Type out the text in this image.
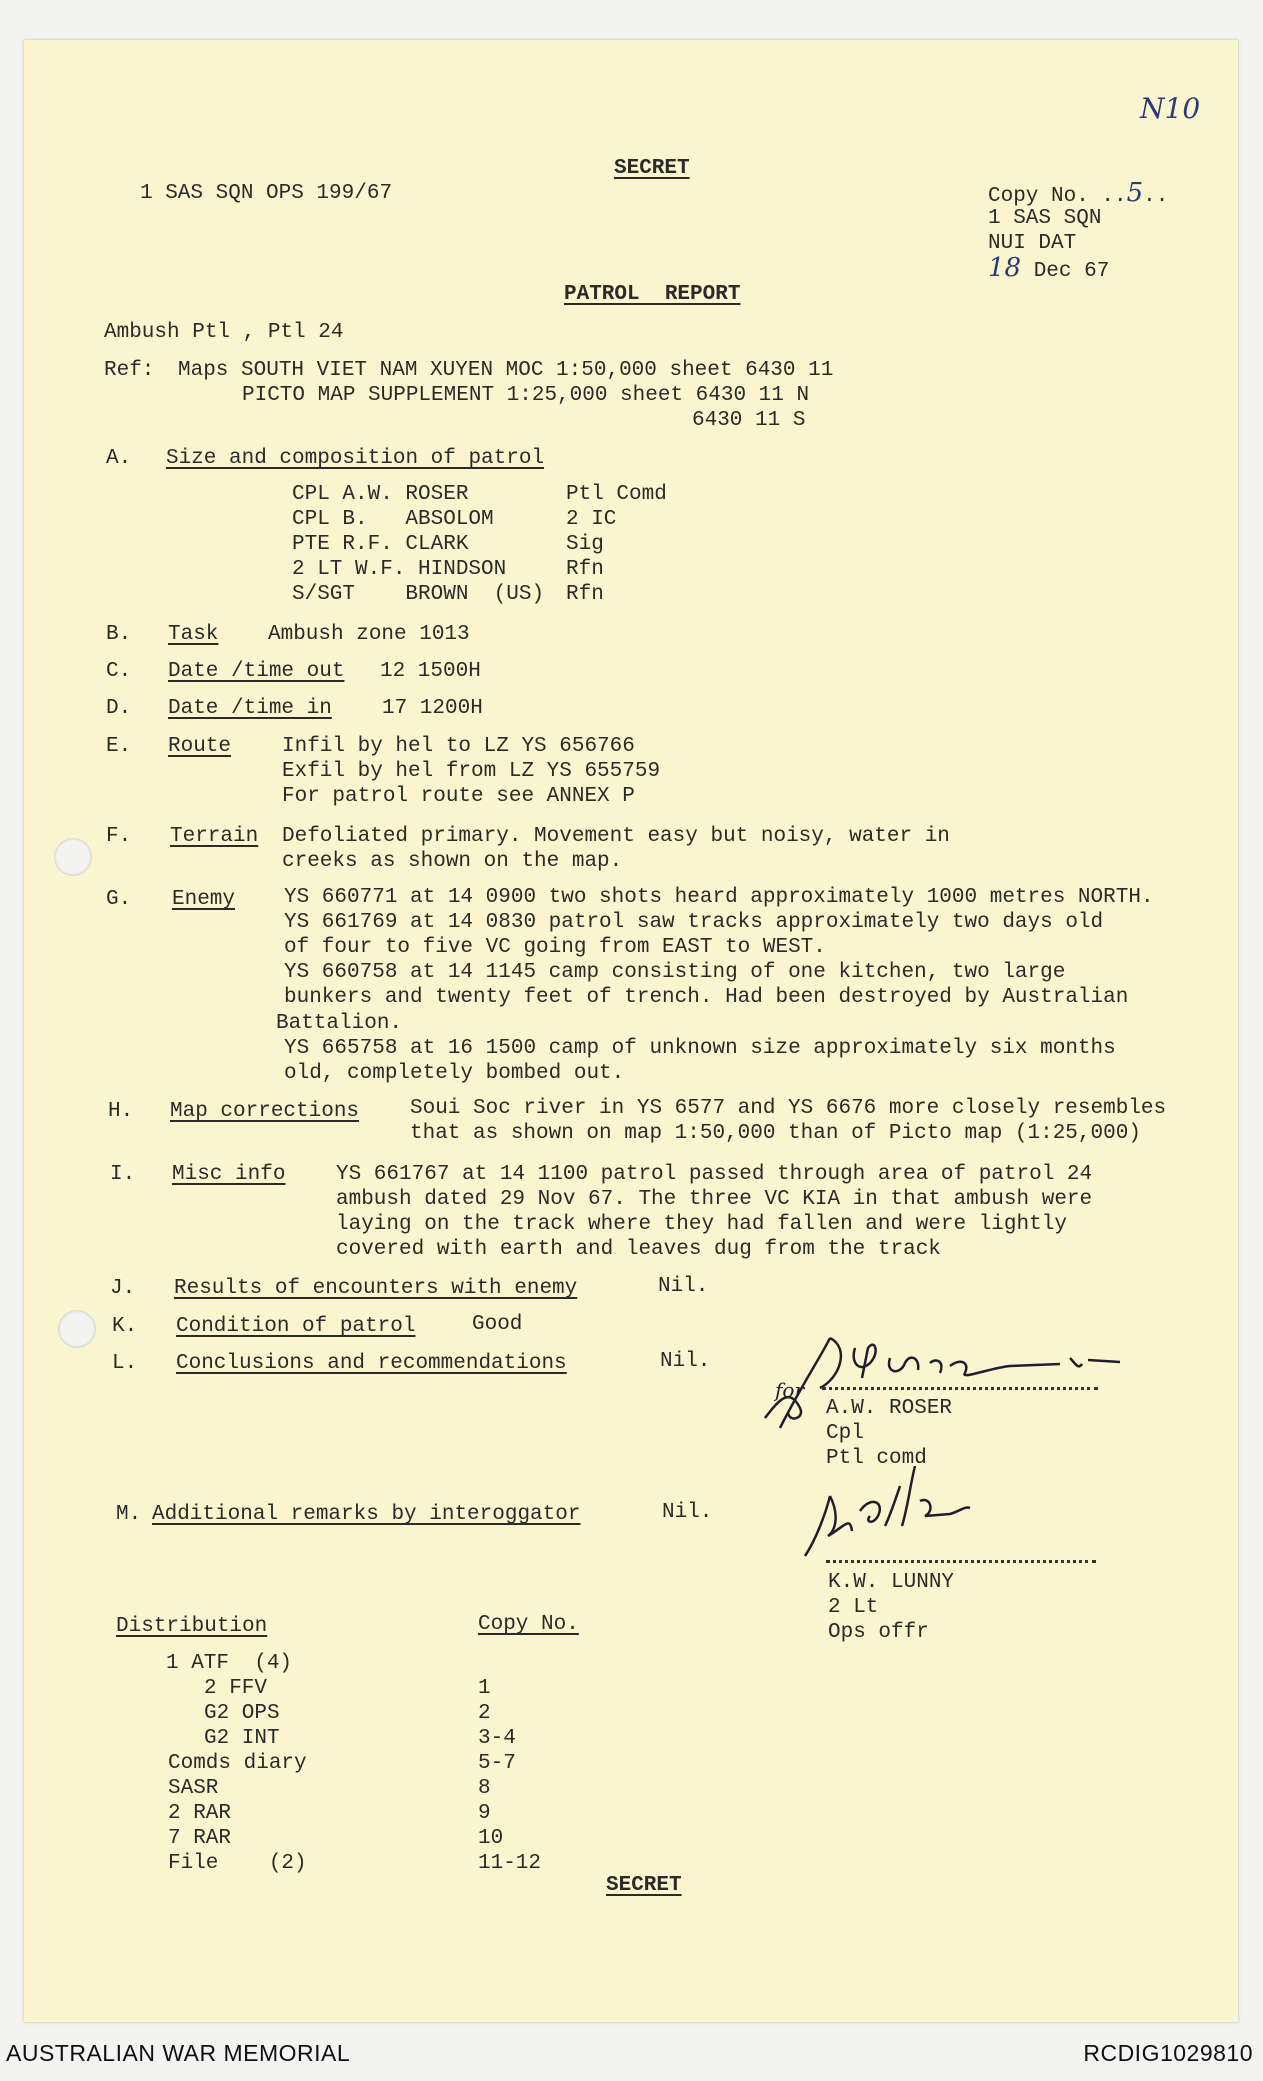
N10
SECRET
1 SAS SQN OPS 199/67	Copy No. ..5..
1 SAS SQN
NUI DAT
18 Dec 67
PATROL  REPORT
Ambush Ptl , Ptl 24
Ref: Maps SOUTH VIET NAM XUYEN MOC 1:50,000 sheet 6430 11
PICTO MAP SUPPLEMENT 1:25,000 sheet 6430 11 N
6430 11 S
A. Size and composition of patrol
CPL A.W. ROSER	Ptl Comd
CPL B.   ABSOLOM	2 IC
PTE R.F. CLARK	Sig
2 LT W.F. HINDSON	Rfn
S/SGT    BROWN  (US) Rfn
B. Task Ambush zone 1013
C. Date /time out 12 1500H
D. Date /time in 17 1200H
E. Route Infil by hel to LZ YS 656766
Exfil by hel from LZ YS 655759
For patrol route see ANNEX P
F. Terrain Defoliated primary. Movement easy but noisy, water in
creeks as shown on the map.
G. Enemy YS 660771 at 14 0900 two shots heard approximately 1000 metres NORTH.
YS 661769 at 14 0830 patrol saw tracks approximately two days old
of four to five VC going from EAST to WEST.
YS 660758 at 14 1145 camp consisting of one kitchen, two large
bunkers and twenty feet of trench. Had been destroyed by Australian
Battalion.
YS 665758 at 16 1500 camp of unknown size approximately six months
old, completely bombed out.
H. Map corrections Soui Soc river in YS 6577 and YS 6676 more closely resembles
that as shown on map 1:50,000 than of Picto map (1:25,000)
I. Misc info YS 661767 at 14 1100 patrol passed through area of patrol 24
ambush dated 29 Nov 67. The three VC KIA in that ambush were
laying on the track where they had fallen and were lightly
covered with earth and leaves dug from the track
J. Results of encounters with enemy	Nil.
K. Condition of patrol	Good
L. Conclusions and recommendations	Nil.
for
A.W. ROSER
Cpl
Ptl comd
M. Additional remarks by interoggator	Nil.
K.W. LUNNY
2 Lt
Ops offr
Distribution	Copy No.
1 ATF  (4)
2 FFV	1
G2 OPS	2
G2 INT	3-4
Comds diary	5-7
SASR	8
2 RAR	9
7 RAR	10
File    (2)	11-12
SECRET
AUSTRALIAN WAR MEMORIAL	RCDIG1029810
